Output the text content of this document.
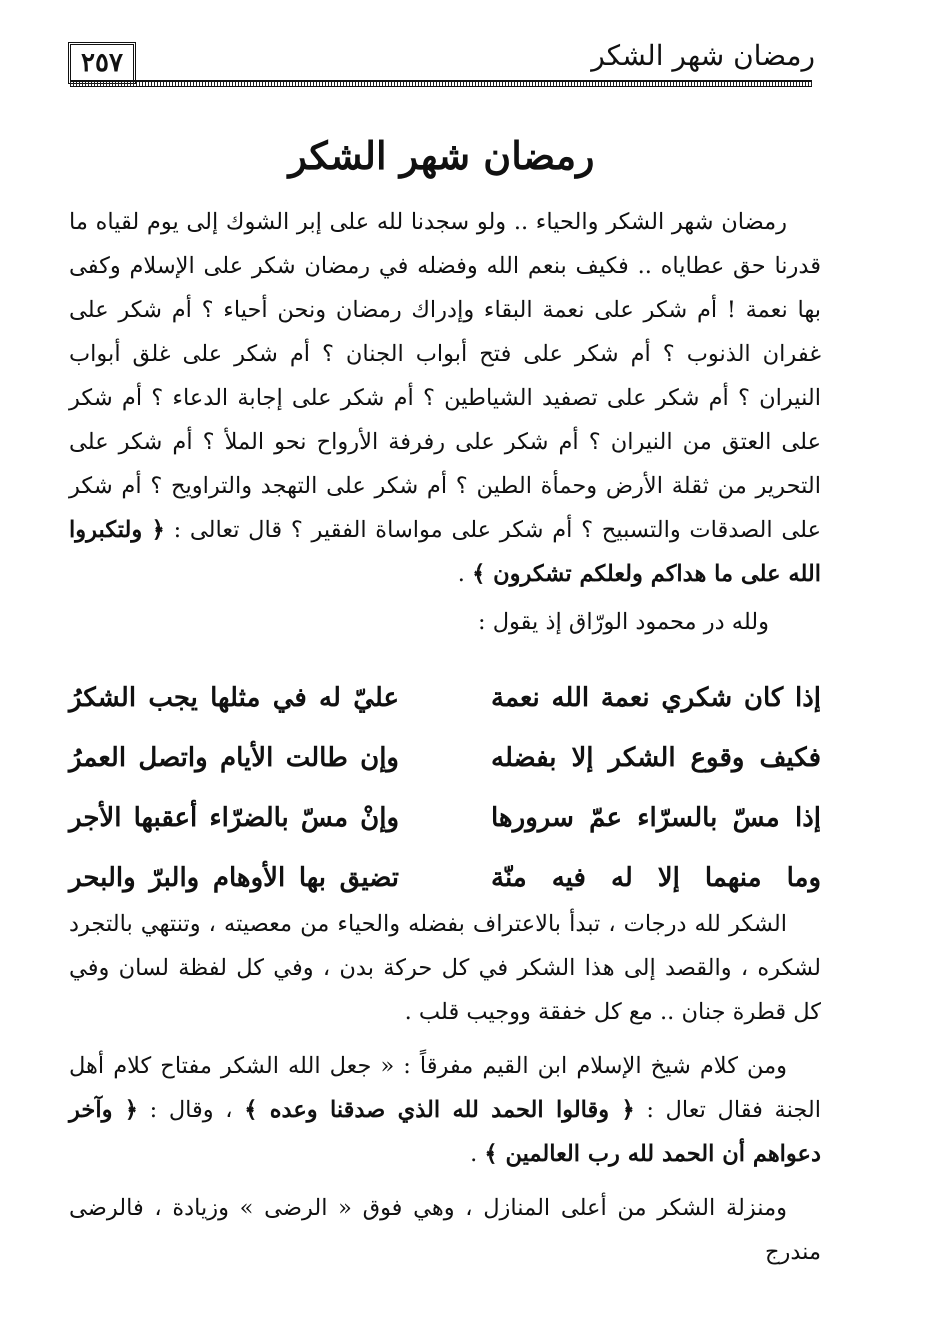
رمضان شهر الشكر
٢٥٧
رمضان شهر الشكر

رمضان شهر الشكر والحياء .. ولو سجدنا لله على إبر الشوك إلى يوم لقياه ما قدرنا حق عطاياه .. فكيف بنعم الله وفضله في رمضان شكر على الإسلام وكفى بها نعمة ! أم شكر على نعمة البقاء وإدراك رمضان ونحن أحياء ؟ أم شكر على غفران الذنوب ؟ أم شكر على فتح أبواب الجنان ؟ أم شكر على غلق أبواب النيران ؟ أم شكر على تصفيد الشياطين ؟ أم شكر على إجابة الدعاء ؟ أم شكر على العتق من النيران ؟ أم شكر على رفرفة الأرواح نحو الملأ ؟ أم شكر على التحرير من ثقلة الأرض وحمأة الطين ؟ أم شكر على التهجد والتراويح ؟ أم شكر على الصدقات والتسبيح ؟ أم شكر على مواساة الفقير ؟ قال تعالى : ﴿ ولتكبروا الله على ما هداكم ولعلكم تشكرون ﴾ .

ولله در محمود الورّاق إذ يقول :

إذا كان شكري نعمة الله نعمة
عليّ له في مثلها يجب الشكرُ
فكيف وقوع الشكر إلا بفضله
وإن طالت الأيام واتصل العمرُ
إذا مسّ بالسرّاء عمّ سرورها
وإنْ مسّ بالضرّاء أعقبها الأجر
وما منهما إلا له فيه منّة
تضيق بها الأوهام والبرّ والبحر

الشكر لله درجات ، تبدأ بالاعتراف بفضله والحياء من معصيته ، وتنتهي بالتجرد لشكره ، والقصد إلى هذا الشكر في كل حركة بدن ، وفي كل لفظة لسان وفي كل قطرة جنان .. مع كل خفقة ووجيب قلب .

ومن كلام شيخ الإسلام ابن القيم مفرقاً : « جعل الله الشكر مفتاح كلام أهل الجنة فقال تعال : ﴿ وقالوا الحمد لله الذي صدقنا وعده ﴾ ، وقال : ﴿ وآخر دعواهم أن الحمد لله رب العالمين ﴾ .

ومنزلة الشكر من أعلى المنازل ، وهي فوق « الرضى » وزيادة ، فالرضى مندرج
